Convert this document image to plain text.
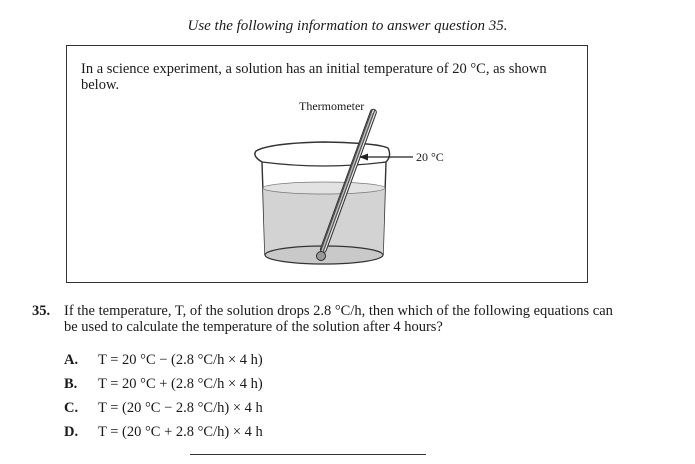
Use the following information to answer question 35.
In a science experiment, a solution has an initial temperature of 20 °C, as shown below.
Thermometer
20 °C
35. If the temperature, T, of the solution drops 2.8 °C/h, then which of the following equations can be used to calculate the temperature of the solution after 4 hours?
A. T = 20 °C − (2.8 °C/h × 4 h)
B. T = 20 °C + (2.8 °C/h × 4 h)
C. T = (20 °C − 2.8 °C/h) × 4 h
D. T = (20 °C + 2.8 °C/h) × 4 h
